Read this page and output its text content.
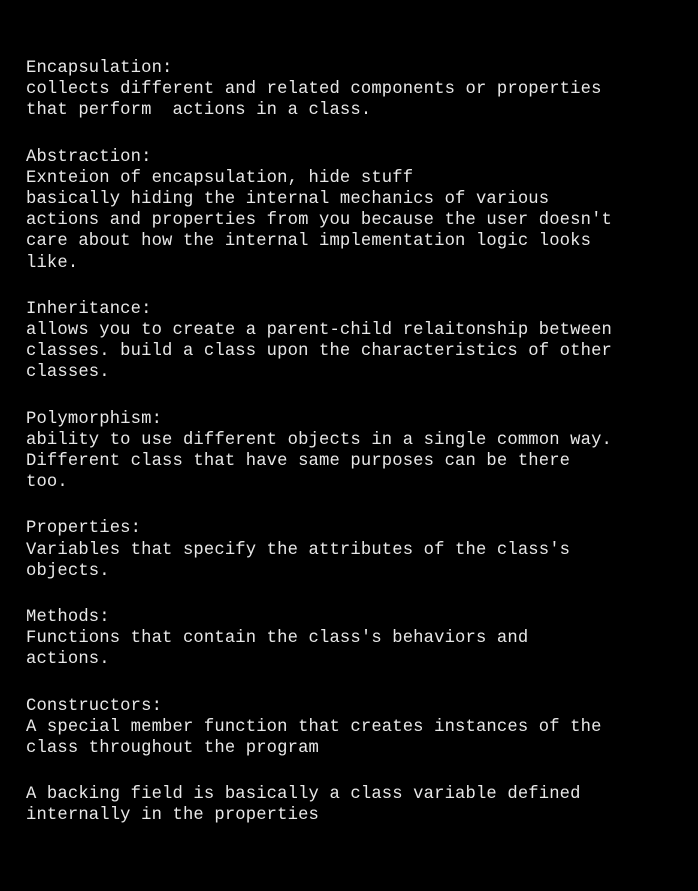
Encapsulation:

collects different and related components or properties

that perform  actions in a class.

Abstraction:

Exnteion of encapsulation, hide stuff

basically hiding the internal mechanics of various

actions and properties from you because the user doesn't

care about how the internal implementation logic looks

like.

Inheritance:

allows you to create a parent-child relaitonship between

classes. build a class upon the characteristics of other

classes.

Polymorphism:

ability to use different objects in a single common way.

Different class that have same purposes can be there

too.

Properties:

Variables that specify the attributes of the class's

objects.

Methods:

Functions that contain the class's behaviors and

actions.

Constructors:

A special member function that creates instances of the

class throughout the program

A backing field is basically a class variable defined

internally in the properties
